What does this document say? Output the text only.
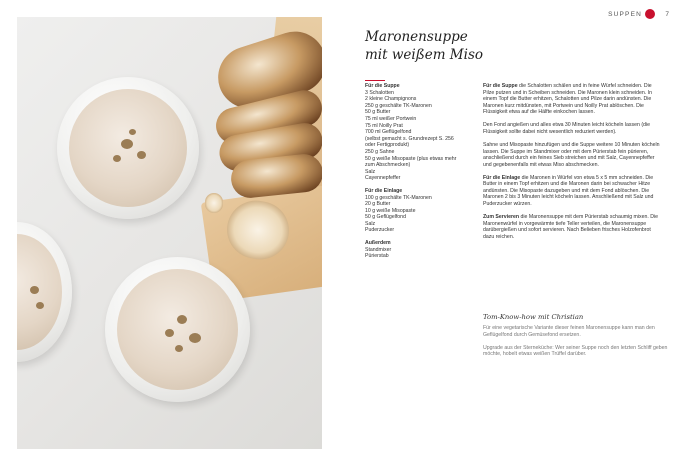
SUPPEN	7
Maronensuppe
mit weißem Miso
Für die Suppe
3 Schalotten
2 kleine Champignons
250 g geschälte TK-Maronen
50 g Butter
75 ml weißer Portwein
75 ml Noilly Prat
700 ml Geflügelfond
(selbst gemacht s. Grundrezept S. 256
oder Fertigprodukt)
250 g Sahne
50 g weiße Misopaste (plus etwas mehr
zum Abschmecken)
Salz
Cayennepfeffer
Für die Einlage
100 g geschälte TK-Maronen
20 g Butter
10 g weiße Misopaste
50 g Geflügelfond
Salz
Puderzucker
Außerdem
Standmixer
Pürierstab

Für die Suppe die Schalotten schälen und in feine Würfel schneiden. Die Pilze putzen und in Scheiben schneiden. Die Maronen klein schneiden. In einem Topf die Butter erhitzen, Schalotten und Pilze darin andünsten. Die Maronen kurz mitdünsten, mit Portwein und Noilly Prat ablöschen. Die Flüssigkeit etwa auf die Hälfte einkochen lassen.

Den Fond angießen und alles etwa 30 Minuten leicht köcheln lassen (die Flüssigkeit sollte dabei nicht wesentlich reduziert werden).

Sahne und Misopaste hinzufügen und die Suppe weitere 10 Minuten köcheln lassen. Die Suppe im Standmixer oder mit dem Pürierstab fein pürieren, anschließend durch ein feines Sieb streichen und mit Salz, Cayennepfeffer und gegebenenfalls mit etwas Miso abschmecken.

Für die Einlage die Maronen in Würfel von etwa 5 x 5 mm schneiden. Die Butter in einem Topf erhitzen und die Maronen darin bei schwacher Hitze andünsten. Die Misopaste dazugeben und mit dem Fond ablöschen. Die Maronen 2 bis 3 Minuten leicht köcheln lassen. Anschließend mit Salz und Puderzucker würzen.

Zum Servieren die Maronensuppe mit dem Pürierstab schaumig mixen. Die Maronenwürfel in vorgewärmte tiefe Teller verteilen, die Maronensuppe darübergießen und sofort servieren. Nach Belieben frisches Holzofenbrot dazu reichen.

Tom-Know-how mit Christian

Für eine vegetarische Variante dieser feinen Maronensuppe kann man den Geflügelfond durch Gemüsefond ersetzen.

Upgrade aus der Sterneküche: Wer seiner Suppe noch den letzten Schliff geben möchte, hobelt etwas weißen Trüffel darüber.
